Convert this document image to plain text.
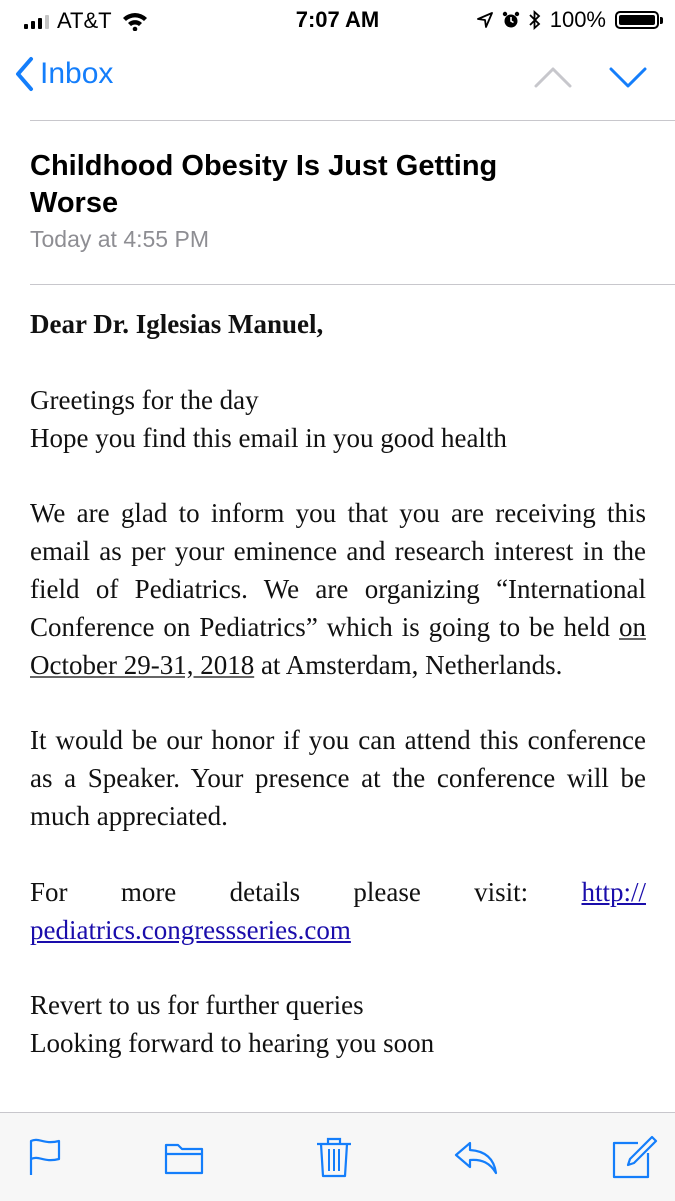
AT&T	7:07 AM	100%
Inbox
Childhood Obesity Is Just Getting Worse
Today at 4:55 PM

Dear Dr. Iglesias Manuel,

Greetings for the day

Hope you find this email in you good health

We are glad to inform you that you are receiving this email as per your eminence and research interest in the field of Pediatrics. We are organizing “International Conference on Pediatrics” which is going to be held on October 29-31, 2018 at Amsterdam, Netherlands.

It would be our honor if you can attend this conference as a Speaker. Your presence at the conference will be much appreciated.

For more details please visit: http://

pediatrics.congressseries.com

Revert to us for further queries

Looking forward to hearing you soon
